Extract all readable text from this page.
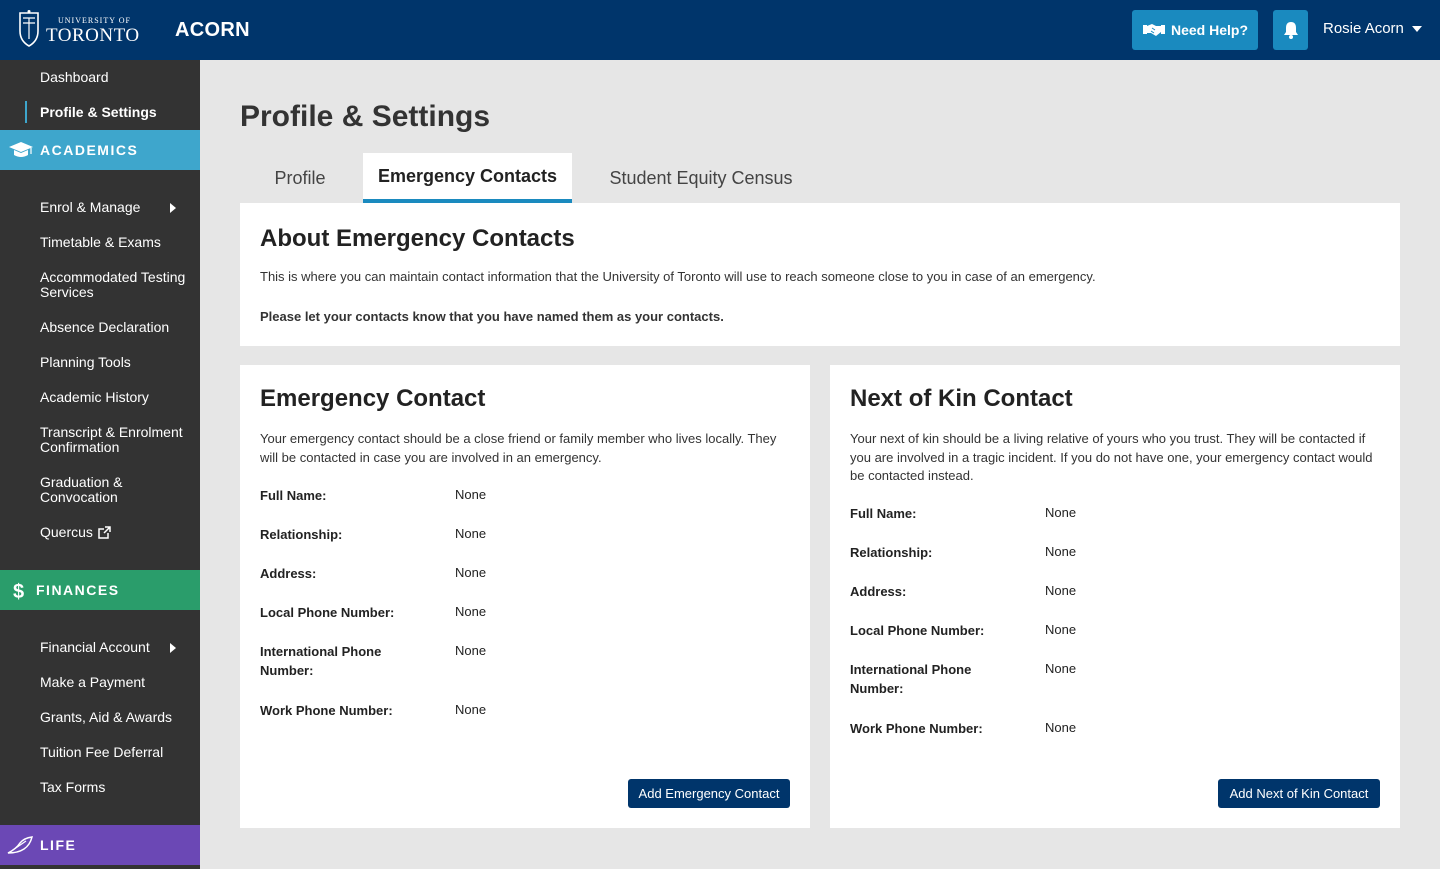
UNIVERSITY OF
TORONTO ACORN	Need Help?	Rosie Acorn
Dashboard
Profile & Settings
ACADEMICS
Enrol & Manage
Timetable & Exams
Accommodated Testing Services
Absence Declaration
Planning Tools
Academic History
Transcript & Enrolment Confirmation
Graduation & Convocation
Quercus
$ FINANCES
Financial Account
Make a Payment
Grants, Aid & Awards
Tuition Fee Deferral
Tax Forms
LIFE
Profile & Settings
Profile	Emergency Contacts	Student Equity Census
About Emergency Contacts

This is where you can maintain contact information that the University of Toronto will use to reach someone close to you in case of an emergency.

Please let your contacts know that you have named them as your contacts.

Emergency Contact

Your emergency contact should be a close friend or family member who lives locally. They will be contacted in case you are involved in an emergency.

Full Name:	None
Relationship:	None
Address:	None
Local Phone Number:	None
International Phone Number:
None
Work Phone Number:	None
Add Emergency Contact
Next of Kin Contact

Your next of kin should be a living relative of yours who you trust. They will be contacted if you are involved in a tragic incident. If you do not have one, your emergency contact would be contacted instead.

Full Name:	None
Relationship:	None
Address:	None
Local Phone Number:	None
International Phone Number:
None
Work Phone Number:	None
Add Next of Kin Contact
